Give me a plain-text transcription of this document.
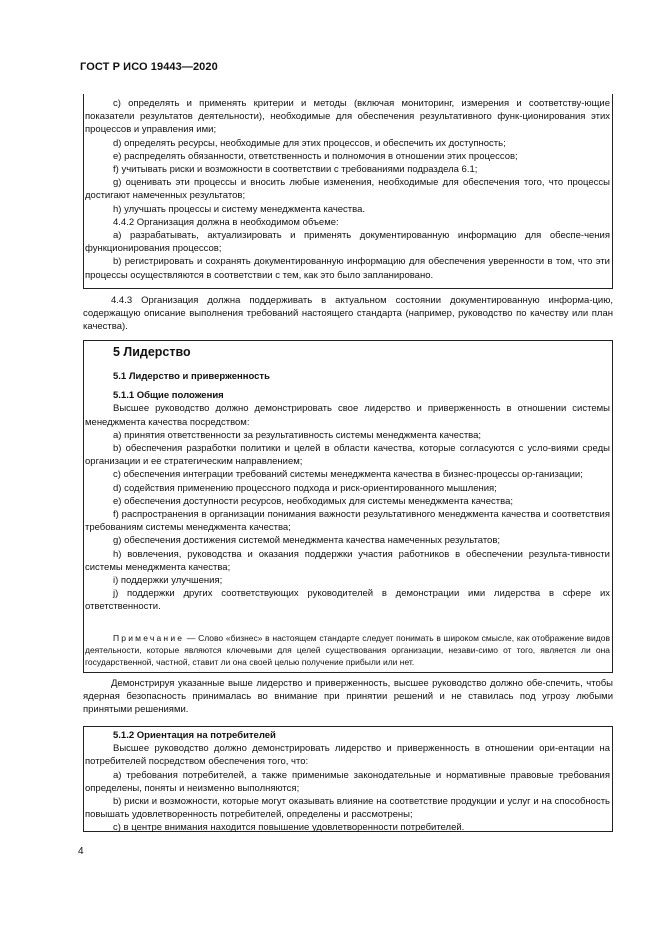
ГОСТ Р ИСО 19443—2020

c) определять и применять критерии и методы (включая мониторинг, измерения и соответству-ющие показатели результатов деятельности), необходимые для обеспечения результативного функ-ционирования этих процессов и управления ими;

d) определять ресурсы, необходимые для этих процессов, и обеспечить их доступность;

e) распределять обязанности, ответственность и полномочия в отношении этих процессов;

f) учитывать риски и возможности в соответствии с требованиями подраздела 6.1;

g) оценивать эти процессы и вносить любые изменения, необходимые для обеспечения того, что процессы достигают намеченных результатов;

h) улучшать процессы и систему менеджмента качества.

4.4.2 Организация должна в необходимом объеме:

a) разрабатывать, актуализировать и применять документированную информацию для обеспе-чения функционирования процессов;

b) регистрировать и сохранять документированную информацию для обеспечения уверенности в том, что эти процессы осуществляются в соответствии с тем, как это было запланировано.

4.4.3 Организация должна поддерживать в актуальном состоянии документированную информа-цию, содержащую описание выполнения требований настоящего стандарта (например, руководство по качеству или план качества).

5 Лидерство

5.1 Лидерство и приверженность

5.1.1 Общие положения

Высшее руководство должно демонстрировать свое лидерство и приверженность в отношении системы менеджмента качества посредством:

a) принятия ответственности за результативность системы менеджмента качества;

b) обеспечения разработки политики и целей в области качества, которые согласуются с усло-виями среды организации и ее стратегическим направлением;

c) обеспечения интеграции требований системы менеджмента качества в бизнес-процессы ор-ганизации;

d) содействия применению процессного подхода и риск-ориентированного мышления;

e) обеспечения доступности ресурсов, необходимых для системы менеджмента качества;

f) распространения в организации понимания важности результативного менеджмента качества и соответствия требованиям системы менеджмента качества;

g) обеспечения достижения системой менеджмента качества намеченных результатов;

h) вовлечения, руководства и оказания поддержки участия работников в обеспечении результа-тивности системы менеджмента качества;

i) поддержки улучшения;

j) поддержки других соответствующих руководителей в демонстрации ими лидерства в сфере их ответственности.

Примечание — Слово «бизнес» в настоящем стандарте следует понимать в широком смысле, как отображение видов деятельности, которые являются ключевыми для целей существования организации, незави-симо от того, является ли она государственной, частной, ставит ли она своей целью получение прибыли или нет.

Демонстрируя указанные выше лидерство и приверженность, высшее руководство должно обе-спечить, чтобы ядерная безопасность принималась во внимание при принятии решений и не ставилась под угрозу любыми принятыми решениями.

5.1.2 Ориентация на потребителей

Высшее руководство должно демонстрировать лидерство и приверженность в отношении ори-ентации на потребителей посредством обеспечения того, что:

a) требования потребителей, а также применимые законодательные и нормативные правовые требования определены, поняты и неизменно выполняются;

b) риски и возможности, которые могут оказывать влияние на соответствие продукции и услуг и на способность повышать удовлетворенность потребителей, определены и рассмотрены;

c) в центре внимания находится повышение удовлетворенности потребителей.

4
